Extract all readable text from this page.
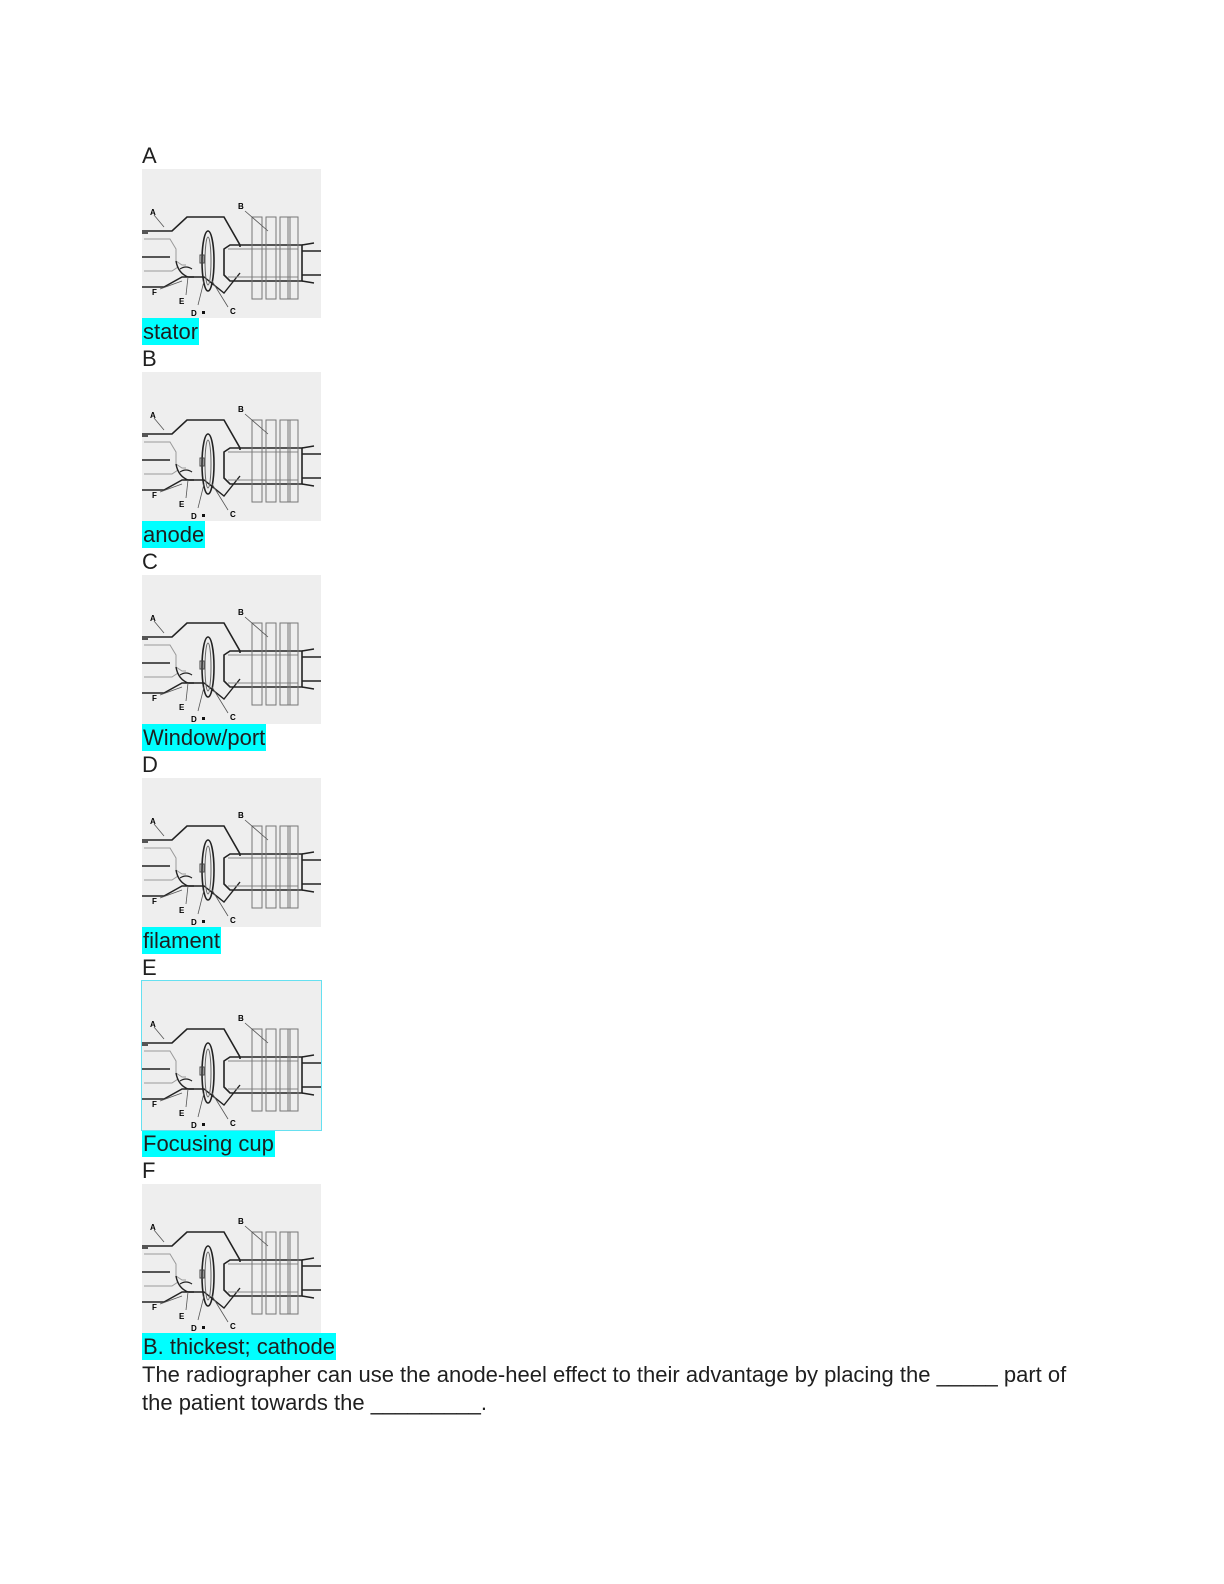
A
A
B
C
D
E
F
stator
B
A
B
C
D
E
F
anode
C
A
B
C
D
E
F
Window/port
D
A
B
C
D
E
F
filament
E
A
B
C
D
E
F
Focusing cup
F
A
B
C
D
E
F
B. thickest; cathode
The radiographer can use the anode-heel effect to their advantage by placing the _____ part of the patient towards the _________.
